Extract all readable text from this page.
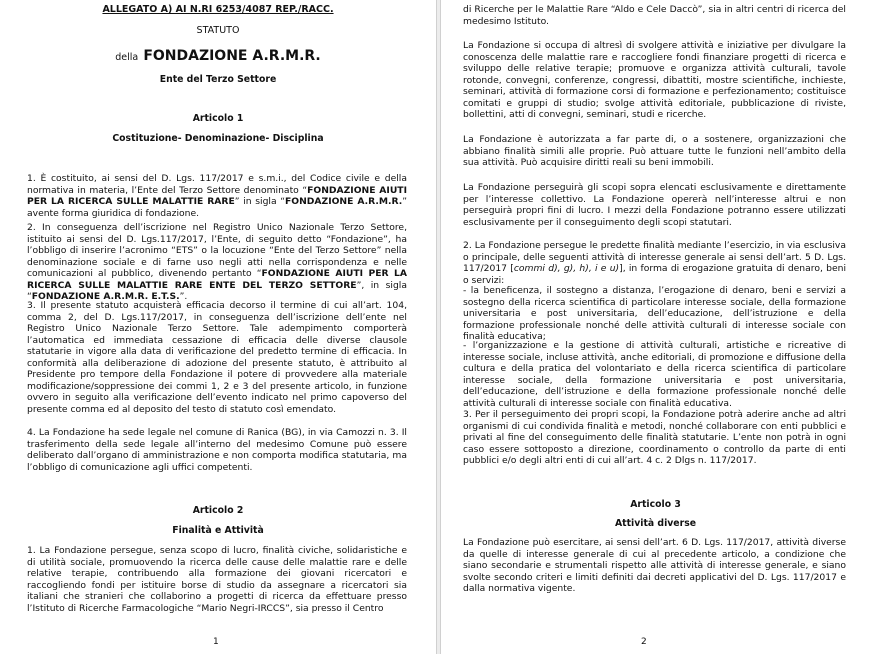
ALLEGATO A) AI N.RI 6253/4087 REP./RACC.

STATUTO

della FONDAZIONE A.R.M.R.

Ente del Terzo Settore

Articolo 1

Costituzione- Denominazione- Disciplina

1. È costituito, ai sensi del D. Lgs. 117/2017 e s.m.i., del Codice civile e della normativa in materia, l’Ente del Terzo Settore denominato “FONDAZIONE AIUTI PER LA RICERCA SULLE MALATTIE RARE” in sigla “FONDAZIONE A.R.M.R.” avente forma giuridica di fondazione.

2. In conseguenza dell’iscrizione nel Registro Unico Nazionale Terzo Settore, istituito ai sensi del D. Lgs.117/2017, l’Ente, di seguito detto “Fondazione”, ha l’obbligo di inserire l’acronimo “ETS” o la locuzione “Ente del Terzo Settore” nella denominazione sociale e di farne uso negli atti nella corrispondenza e nelle comunicazioni al pubblico, divenendo pertanto “FONDAZIONE AIUTI PER LA RICERCA SULLE MALATTIE RARE ENTE DEL TERZO SETTORE”, in sigla “FONDAZIONE A.R.M.R. E.T.S.”.

3. Il presente statuto acquisterà efficacia decorso il termine di cui all’art. 104, comma 2, del D. Lgs.117/2017, in conseguenza dell’iscrizione dell’ente nel Registro Unico Nazionale Terzo Settore. Tale adempimento comporterà l’automatica ed immediata cessazione di efficacia delle diverse clausole statutarie in vigore alla data di verificazione del predetto termine di efficacia. In conformità alla deliberazione di adozione del presente statuto, è attribuito al Presidente pro tempore della Fondazione il potere di provvedere alla materiale modificazione/soppressione dei commi 1, 2 e 3 del presente articolo, in funzione ovvero in seguito alla verificazione dell’evento indicato nel primo capoverso del presente comma ed al deposito del testo di statuto così emendato.

4. La Fondazione ha sede legale nel comune di Ranica (BG), in via Camozzi n. 3. Il trasferimento della sede legale all’interno del medesimo Comune può essere deliberato dall’organo di amministrazione e non comporta modifica statutaria, ma l’obbligo di comunicazione agli uffici competenti.

Articolo 2

Finalità e Attività

1. La Fondazione persegue, senza scopo di lucro, finalità civiche, solidaristiche e di utilità sociale, promuovendo la ricerca delle cause delle malattie rare e delle relative terapie, contribuendo alla formazione dei giovani ricercatori e raccogliendo fondi per istituire borse di studio da assegnare a ricercatori sia italiani che stranieri che collaborino a progetti di ricerca da effettuare presso l’Istituto di Ricerche Farmacologiche “Mario Negri-IRCCS”, sia presso il Centro

1

di Ricerche per le Malattie Rare “Aldo e Cele Daccò”, sia in altri centri di ricerca del medesimo Istituto.

La Fondazione si occupa di altresì di svolgere attività e iniziative per divulgare la conoscenza delle malattie rare e raccogliere fondi finanziare progetti di ricerca e sviluppo delle relative terapie; promuove e organizza attività culturali, tavole rotonde, convegni, conferenze, congressi, dibattiti, mostre scientifiche, inchieste, seminari, attività di formazione corsi di formazione e perfezionamento; costituisce comitati e gruppi di studio; svolge attività editoriale, pubblicazione di riviste, bollettini, atti di convegni, seminari, studi e ricerche.

La Fondazione è autorizzata a far parte di, o a sostenere, organizzazioni che abbiano finalità simili alle proprie. Può attuare tutte le funzioni nell’ambito della sua attività. Può acquisire diritti reali su beni immobili.

La Fondazione perseguirà gli scopi sopra elencati esclusivamente e direttamente per l’interesse collettivo. La Fondazione opererà nell’interesse altrui e non perseguirà propri fini di lucro. I mezzi della Fondazione potranno essere utilizzati esclusivamente per il conseguimento degli scopi statutari.

2. La Fondazione persegue le predette finalità mediante l’esercizio, in via esclusiva o principale, delle seguenti attività di interesse generale ai sensi dell’art. 5 D. Lgs. 117/2017 [commi d), g), h), i e u)], in forma di erogazione gratuita di denaro, beni o servizi:

- la beneficenza, il sostegno a distanza, l’erogazione di denaro, beni e servizi a sostegno della ricerca scientifica di particolare interesse sociale, della formazione universitaria e post universitaria, dell’educazione, dell’istruzione e della formazione professionale nonché delle attività culturali di interesse sociale con finalità educativa;

- l’organizzazione e la gestione di attività culturali, artistiche e ricreative di interesse sociale, incluse attività, anche editoriali, di promozione e diffusione della cultura e della pratica del volontariato e della ricerca scientifica di particolare interesse sociale, della formazione universitaria e post universitaria, dell’educazione, dell’istruzione e della formazione professionale nonché delle attività culturali di interesse sociale con finalità educativa.

3. Per il perseguimento dei propri scopi, la Fondazione potrà aderire anche ad altri organismi di cui condivida finalità e metodi, nonché collaborare con enti pubblici e privati al fine del conseguimento delle finalità statutarie. L’ente non potrà in ogni caso essere sottoposto a direzione, coordinamento o controllo da parte di enti pubblici e/o degli altri enti di cui all’art. 4 c. 2 Dlgs n. 117/2017.

Articolo 3

Attività diverse

La Fondazione può esercitare, ai sensi dell’art. 6 D. Lgs. 117/2017, attività diverse da quelle di interesse generale di cui al precedente articolo, a condizione che siano secondarie e strumentali rispetto alle attività di interesse generale, e siano svolte secondo criteri e limiti definiti dai decreti applicativi del D. Lgs. 117/2017 e dalla normativa vigente.

2
